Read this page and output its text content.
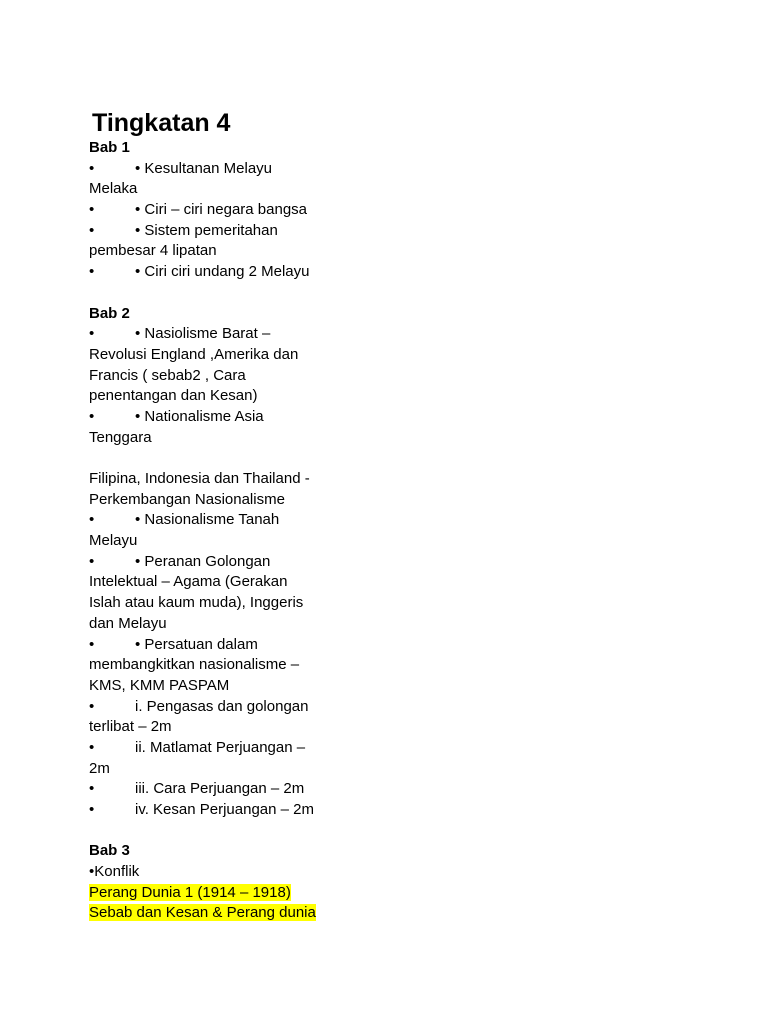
Tingkatan 4
Bab 1
•	• Kesultanan Melayu
Melaka
•	• Ciri – ciri negara bangsa
•	• Sistem pemeritahan
pembesar 4 lipatan
•	• Ciri ciri undang 2 Melayu
Bab 2
•	• Nasiolisme Barat –
Revolusi England ,Amerika dan
Francis ( sebab2 , Cara
penentangan dan Kesan)
•	• Nationalisme Asia
Tenggara
Filipina, Indonesia dan Thailand -
Perkembangan Nasionalisme
•	• Nasionalisme Tanah
Melayu
•	• Peranan Golongan
Intelektual – Agama (Gerakan
Islah atau kaum muda), Inggeris
dan Melayu
•	• Persatuan dalam
membangkitkan nasionalisme –
KMS, KMM PASPAM
•	i. Pengasas dan golongan
terlibat – 2m
•	ii. Matlamat Perjuangan –
2m
•	iii. Cara Perjuangan – 2m
•	iv. Kesan Perjuangan – 2m
Bab 3
•Konflik
Perang Dunia 1 (1914 – 1918)
Sebab dan Kesan & Perang dunia
